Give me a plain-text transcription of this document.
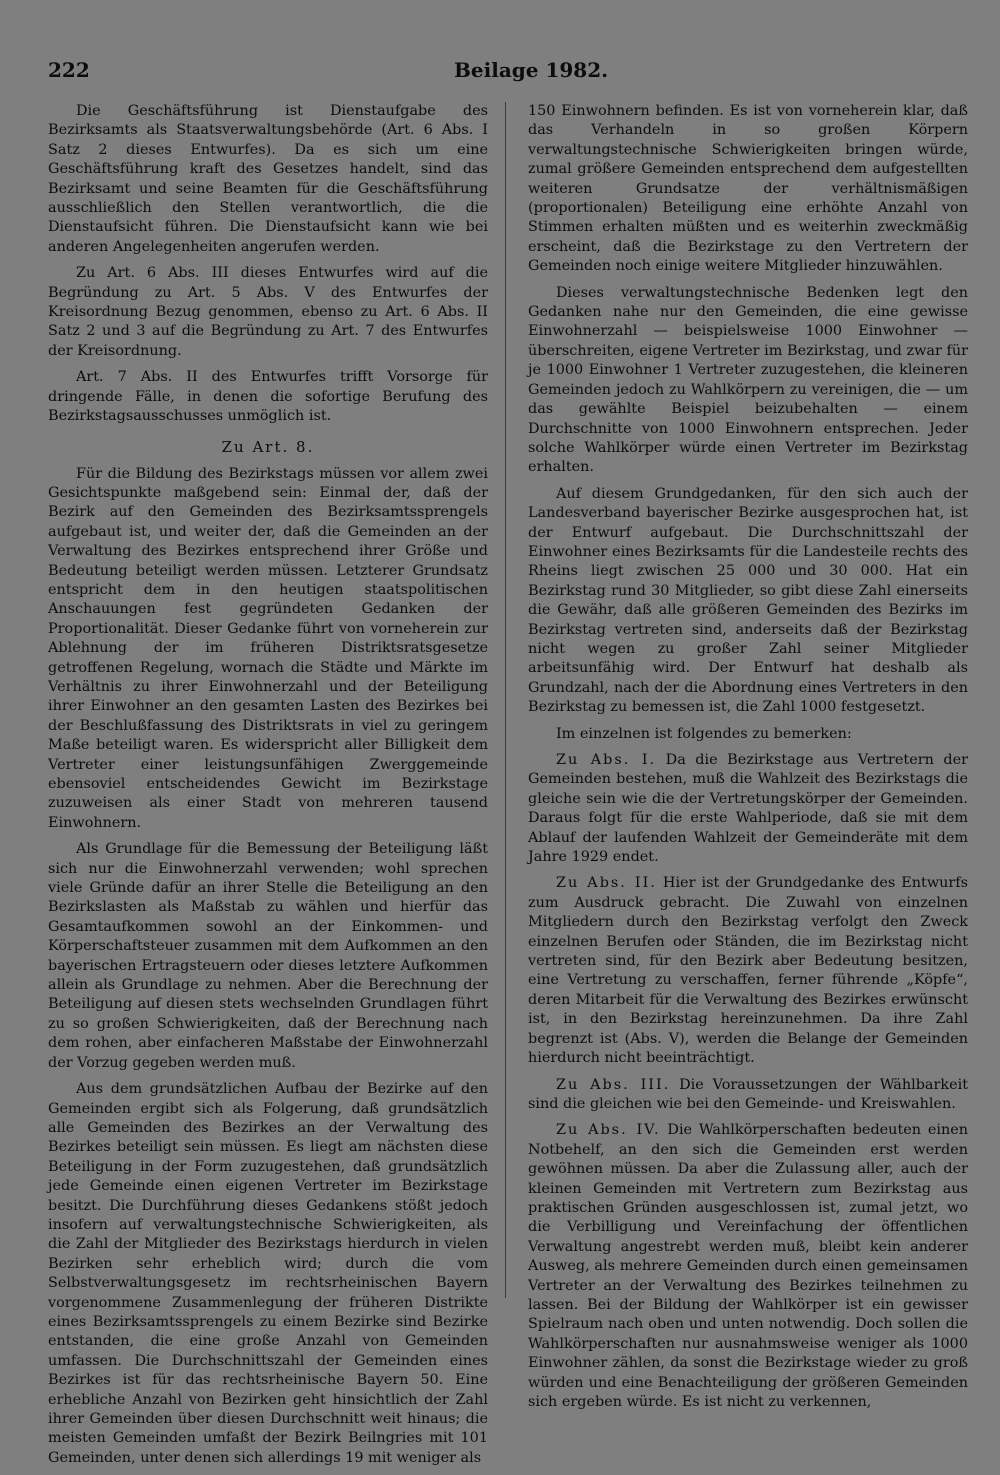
222	Beilage 1982.

Die Geschäftsführung ist Dienstaufgabe des Bezirksamts als Staatsverwaltungsbehörde (Art. 6 Abs. I Satz 2 dieses Entwurfes). Da es sich um eine Geschäftsführung kraft des Gesetzes handelt, sind das Bezirksamt und seine Beamten für die Geschäftsführung ausschließlich den Stellen verantwortlich, die die Dienstaufsicht führen. Die Dienstaufsicht kann wie bei anderen Angelegenheiten angerufen werden.

Zu Art. 6 Abs. III dieses Entwurfes wird auf die Begründung zu Art. 5 Abs. V des Entwurfes der Kreisordnung Bezug genommen, ebenso zu Art. 6 Abs. II Satz 2 und 3 auf die Begründung zu Art. 7 des Entwurfes der Kreisordnung.

Art. 7 Abs. II des Entwurfes trifft Vorsorge für dringende Fälle, in denen die sofortige Berufung des Bezirkstagsausschusses unmöglich ist.

Zu Art. 8.

Für die Bildung des Bezirkstags müssen vor allem zwei Gesichtspunkte maßgebend sein: Einmal der, daß der Bezirk auf den Gemeinden des Bezirksamtssprengels aufgebaut ist, und weiter der, daß die Gemeinden an der Verwaltung des Bezirkes entsprechend ihrer Größe und Bedeutung beteiligt werden müssen. Letzterer Grundsatz entspricht dem in den heutigen staatspolitischen Anschauungen fest gegründeten Gedanken der Proportionalität. Dieser Gedanke führt von vorneherein zur Ablehnung der im früheren Distriktsratsgesetze getroffenen Regelung, wornach die Städte und Märkte im Verhältnis zu ihrer Einwohnerzahl und der Beteiligung ihrer Einwohner an den gesamten Lasten des Bezirkes bei der Beschlußfassung des Distriktsrats in viel zu geringem Maße beteiligt waren. Es widerspricht aller Billigkeit dem Vertreter einer leistungsunfähigen Zwerggemeinde ebensoviel entscheidendes Gewicht im Bezirkstage zuzuweisen als einer Stadt von mehreren tausend Einwohnern.

Als Grundlage für die Bemessung der Beteiligung läßt sich nur die Einwohnerzahl verwenden; wohl sprechen viele Gründe dafür an ihrer Stelle die Beteiligung an den Bezirkslasten als Maßstab zu wählen und hierfür das Gesamtaufkommen sowohl an der Einkommen- und Körperschaftsteuer zusammen mit dem Aufkommen an den bayerischen Ertragsteuern oder dieses letztere Aufkommen allein als Grundlage zu nehmen. Aber die Berechnung der Beteiligung auf diesen stets wechselnden Grundlagen führt zu so großen Schwierigkeiten, daß der Berechnung nach dem rohen, aber einfacheren Maßstabe der Einwohnerzahl der Vorzug gegeben werden muß.

Aus dem grundsätzlichen Aufbau der Bezirke auf den Gemeinden ergibt sich als Folgerung, daß grundsätzlich alle Gemeinden des Bezirkes an der Verwaltung des Bezirkes beteiligt sein müssen. Es liegt am nächsten diese Beteiligung in der Form zuzugestehen, daß grundsätzlich jede Gemeinde einen eigenen Vertreter im Bezirkstage besitzt. Die Durchführung dieses Gedankens stößt jedoch insofern auf verwaltungstechnische Schwierigkeiten, als die Zahl der Mitglieder des Bezirkstags hierdurch in vielen Bezirken sehr erheblich wird; durch die vom Selbstverwaltungsgesetz im rechtsrheinischen Bayern vorgenommene Zusammenlegung der früheren Distrikte eines Bezirksamtssprengels zu einem Bezirke sind Bezirke entstanden, die eine große Anzahl von Gemeinden umfassen. Die Durchschnittszahl der Gemeinden eines Bezirkes ist für das rechtsrheinische Bayern 50. Eine erhebliche Anzahl von Bezirken geht hinsichtlich der Zahl ihrer Gemeinden über diesen Durchschnitt weit hinaus; die meisten Gemeinden umfaßt der Bezirk Beilngries mit 101 Gemeinden, unter denen sich allerdings 19 mit weniger als

150 Einwohnern befinden. Es ist von vorneherein klar, daß das Verhandeln in so großen Körpern verwaltungstechnische Schwierigkeiten bringen würde, zumal größere Gemeinden entsprechend dem aufgestellten weiteren Grundsatze der verhältnismäßigen (proportionalen) Beteiligung eine erhöhte Anzahl von Stimmen erhalten müßten und es weiterhin zweckmäßig erscheint, daß die Bezirkstage zu den Vertretern der Gemeinden noch einige weitere Mitglieder hinzuwählen.

Dieses verwaltungstechnische Bedenken legt den Gedanken nahe nur den Gemeinden, die eine gewisse Einwohnerzahl — beispielsweise 1000 Einwohner — überschreiten, eigene Vertreter im Bezirkstag, und zwar für je 1000 Einwohner 1 Vertreter zuzugestehen, die kleineren Gemeinden jedoch zu Wahlkörpern zu vereinigen, die — um das gewählte Beispiel beizubehalten — einem Durchschnitte von 1000 Einwohnern entsprechen. Jeder solche Wahlkörper würde einen Vertreter im Bezirkstag erhalten.

Auf diesem Grundgedanken, für den sich auch der Landesverband bayerischer Bezirke ausgesprochen hat, ist der Entwurf aufgebaut. Die Durchschnittszahl der Einwohner eines Bezirksamts für die Landesteile rechts des Rheins liegt zwischen 25 000 und 30 000. Hat ein Bezirkstag rund 30 Mitglieder, so gibt diese Zahl einerseits die Gewähr, daß alle größeren Gemeinden des Bezirks im Bezirkstag vertreten sind, anderseits daß der Bezirkstag nicht wegen zu großer Zahl seiner Mitglieder arbeitsunfähig wird. Der Entwurf hat deshalb als Grundzahl, nach der die Abordnung eines Vertreters in den Bezirkstag zu bemessen ist, die Zahl 1000 festgesetzt.

Im einzelnen ist folgendes zu bemerken:

Zu Abs. I. Da die Bezirkstage aus Vertretern der Gemeinden bestehen, muß die Wahlzeit des Bezirkstags die gleiche sein wie die der Vertretungskörper der Gemeinden. Daraus folgt für die erste Wahlperiode, daß sie mit dem Ablauf der laufenden Wahlzeit der Gemeinderäte mit dem Jahre 1929 endet.

Zu Abs. II. Hier ist der Grundgedanke des Entwurfs zum Ausdruck gebracht. Die Zuwahl von einzelnen Mitgliedern durch den Bezirkstag verfolgt den Zweck einzelnen Berufen oder Ständen, die im Bezirkstag nicht vertreten sind, für den Bezirk aber Bedeutung besitzen, eine Vertretung zu verschaffen, ferner führende „Köpfe“, deren Mitarbeit für die Verwaltung des Bezirkes erwünscht ist, in den Bezirkstag hereinzunehmen. Da ihre Zahl begrenzt ist (Abs. V), werden die Belange der Gemeinden hierdurch nicht beeinträchtigt.

Zu Abs. III. Die Voraussetzungen der Wählbarkeit sind die gleichen wie bei den Gemeinde- und Kreiswahlen.

Zu Abs. IV. Die Wahlkörperschaften bedeuten einen Notbehelf, an den sich die Gemeinden erst werden gewöhnen müssen. Da aber die Zulassung aller, auch der kleinen Gemeinden mit Vertretern zum Bezirkstag aus praktischen Gründen ausgeschlossen ist, zumal jetzt, wo die Verbilligung und Vereinfachung der öffentlichen Verwaltung angestrebt werden muß, bleibt kein anderer Ausweg, als mehrere Gemeinden durch einen gemeinsamen Vertreter an der Verwaltung des Bezirkes teilnehmen zu lassen. Bei der Bildung der Wahlkörper ist ein gewisser Spielraum nach oben und unten notwendig. Doch sollen die Wahlkörperschaften nur ausnahmsweise weniger als 1000 Einwohner zählen, da sonst die Bezirkstage wieder zu groß würden und eine Benachteiligung der größeren Gemeinden sich ergeben würde. Es ist nicht zu verkennen,
